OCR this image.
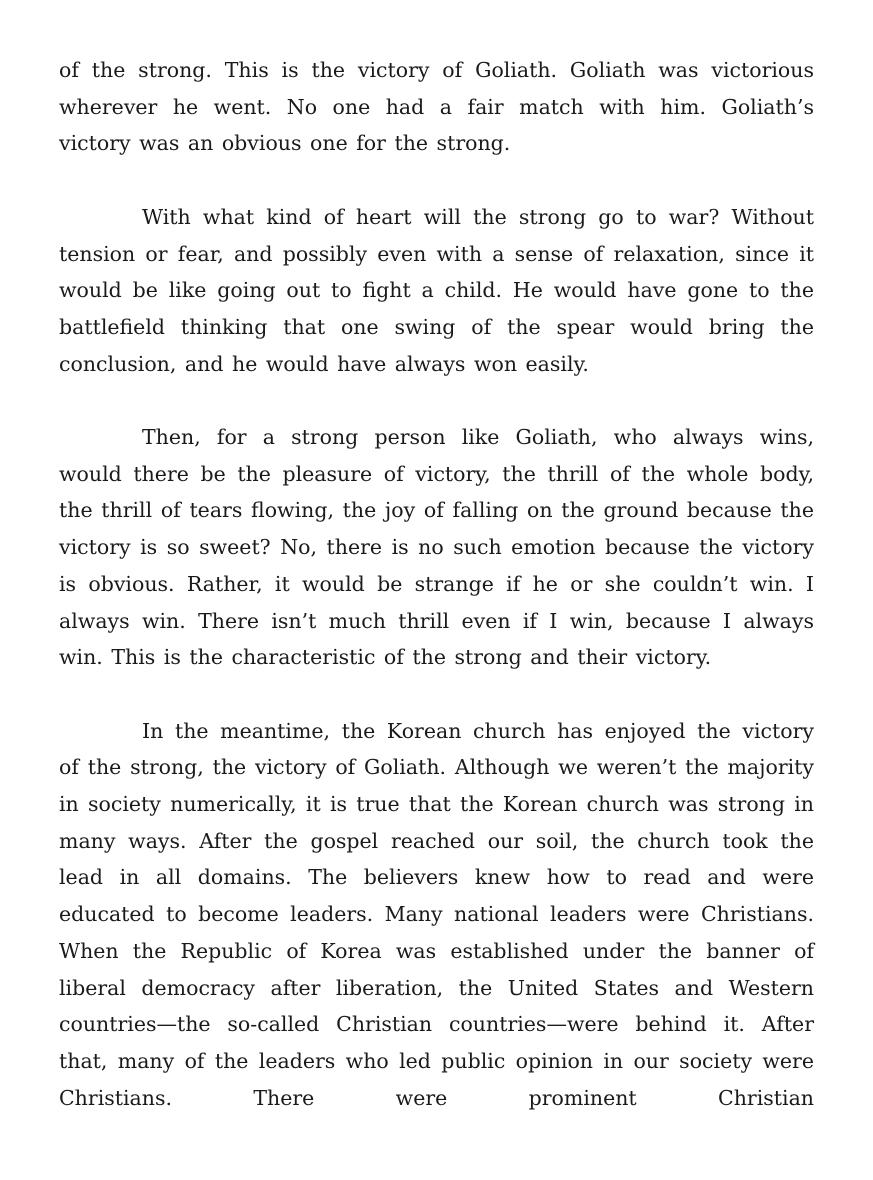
of the strong. This is the victory of Goliath. Goliath was victorious wherever he went. No one had a fair match with him. Goliath’s victory was an obvious one for the strong.

With what kind of heart will the strong go to war? Without tension or fear, and possibly even with a sense of relaxation, since it would be like going out to fight a child. He would have gone to the battlefield thinking that one swing of the spear would bring the conclusion, and he would have always won easily.

Then, for a strong person like Goliath, who always wins, would there be the pleasure of victory, the thrill of the whole body, the thrill of tears flowing, the joy of falling on the ground because the victory is so sweet? No, there is no such emotion because the victory is obvious. Rather, it would be strange if he or she couldn’t win. I always win. There isn’t much thrill even if I win, because I always win. This is the characteristic of the strong and their victory.

In the meantime, the Korean church has enjoyed the victory of the strong, the victory of Goliath. Although we weren’t the majority in society numerically, it is true that the Korean church was strong in many ways. After the gospel reached our soil, the church took the lead in all domains. The believers knew how to read and were educated to become leaders. Many national leaders were Christians. When the Republic of Korea was established under the banner of liberal democracy after liberation, the United States and Western countries—the so-called Christian countries—were behind it. After that, many of the leaders who led public opinion in our society were Christians. There were prominent Christian
